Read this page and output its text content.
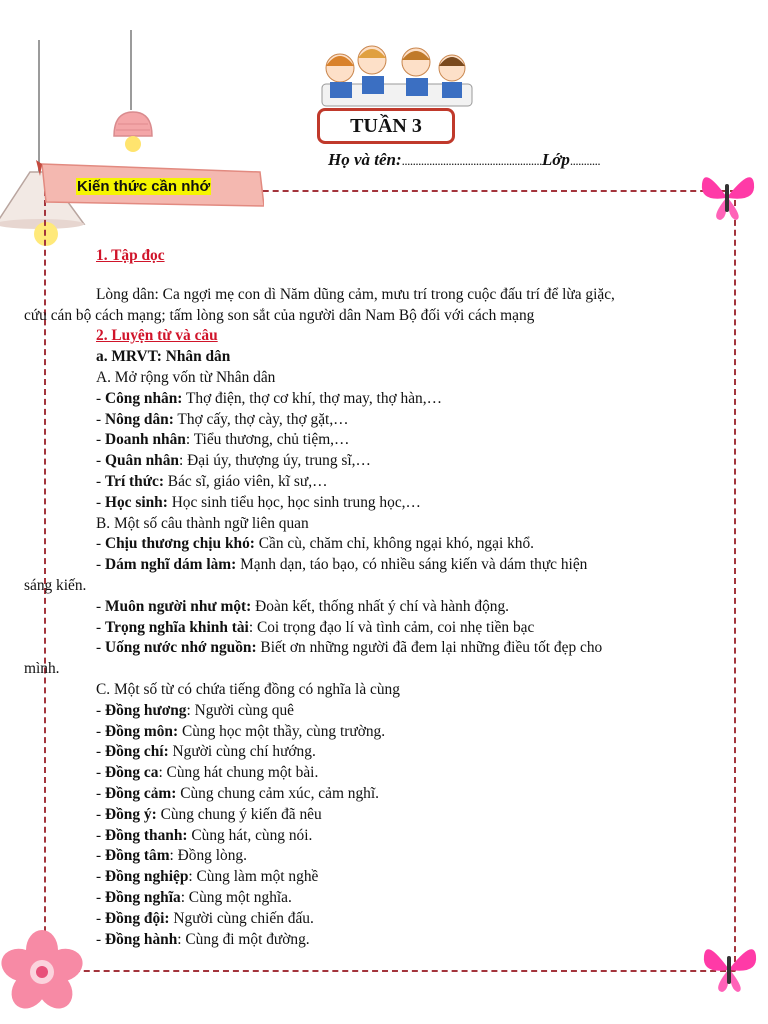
TUẦN 3
Họ và tên:...................................................Lớp...........
Kiến thức cần nhớ
1. Tập đọc
Lòng dân: Ca ngợi mẹ con dì Năm dũng cảm, mưu trí trong cuộc đấu trí để lừa giặc,
cứu cán bộ cách mạng; tấm lòng son sắt của người dân Nam Bộ đối với cách mạng
2. Luyện từ và câu
a. MRVT: Nhân dân
A. Mở rộng vốn từ Nhân dân
- Công nhân: Thợ điện, thợ cơ khí, thợ may, thợ hàn,…
- Nông dân: Thợ cấy, thợ cày, thợ gặt,…
- Doanh nhân: Tiểu thương, chủ tiệm,…
- Quân nhân: Đại úy, thượng úy, trung sĩ,…
- Trí thức: Bác sĩ, giáo viên, kĩ sư,…
- Học sinh: Học sinh tiểu học, học sinh trung học,…
B. Một số câu thành ngữ liên quan
- Chịu thương chịu khó: Cần cù, chăm chỉ, không ngại khó, ngại khổ.
- Dám nghĩ dám làm: Mạnh dạn, táo bạo, có nhiều sáng kiến và dám thực hiện
sáng kiến.
- Muôn người như một: Đoàn kết, thống nhất ý chí và hành động.
- Trọng nghĩa khinh tài: Coi trọng đạo lí và tình cảm, coi nhẹ tiền bạc
- Uống nước nhớ nguồn: Biết ơn những người đã đem lại những điều tốt đẹp cho
mình.
C. Một số từ có chứa tiếng đồng có nghĩa là cùng
- Đồng hương: Người cùng quê
- Đồng môn: Cùng học một thầy, cùng trường.
- Đồng chí: Người cùng chí hướng.
- Đồng ca: Cùng hát chung một bài.
- Đồng cảm: Cùng chung cảm xúc, cảm nghĩ.
- Đồng ý: Cùng chung ý kiến đã nêu
- Đồng thanh: Cùng hát, cùng nói.
- Đồng tâm: Đồng lòng.
- Đồng nghiệp: Cùng làm một nghề
- Đồng nghĩa: Cùng một nghĩa.
- Đồng đội: Người cùng chiến đấu.
- Đồng hành: Cùng đi một đường.
